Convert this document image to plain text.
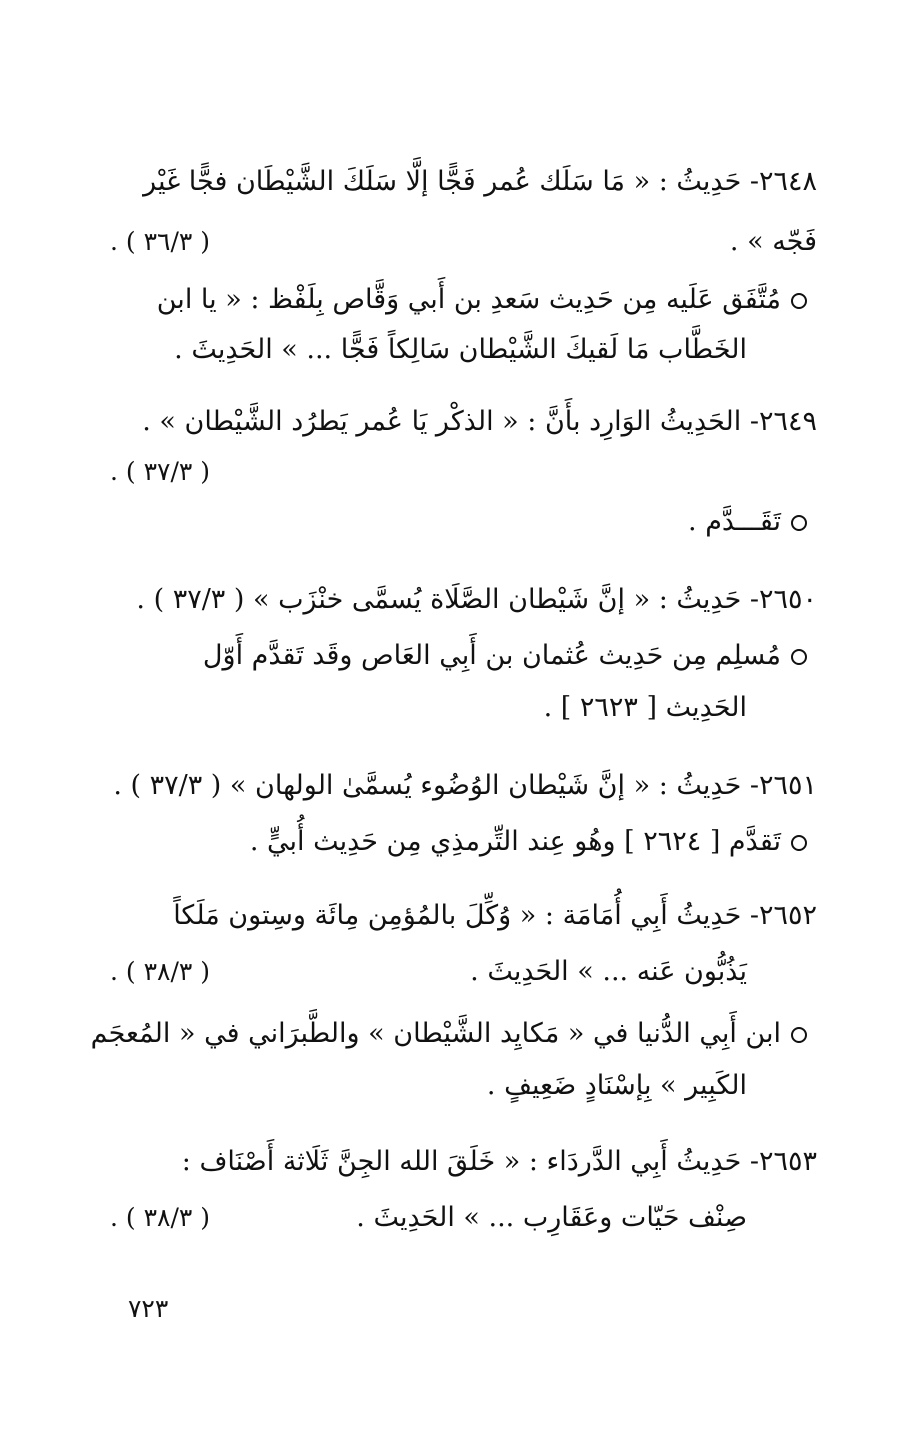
٢٦٤٨- حَدِيثُ : « مَا سَلَك عُمر فَجًّا إلَّا سَلَكَ الشَّيْطَان فجًّا غَيْر
فَجّه » .
( ٣٦/٣ ) .
مُتَّفَق عَلَيه مِن حَدِيث سَعدِ بن أَبي وَقَّاص بِلَفْظ : « يا ابن
الخَطَّاب مَا لَقيكَ الشَّيْطان سَالِكاً فَجًّا ... » الحَدِيثَ .
٢٦٤٩- الحَدِيثُ الوَارِد بأَنَّ : « الذكْر يَا عُمر يَطرُد الشَّيْطان » .
( ٣٧/٣ ) .
تَقَـــدَّم .
٢٦٥٠- حَدِيثُ : « إنَّ شَيْطان الصَّلَاة يُسمَّى خنْزَب » ( ٣٧/٣ ) .
مُسلِم مِن حَدِيث عُثمان بن أَبِي العَاص وقَد تَقدَّم أَوّل
الحَدِيث [ ٢٦٢٣ ] .
٢٦٥١- حَدِيثُ : « إنَّ شَيْطان الوُضُوء يُسمَّىٰ الولهان » ( ٣٧/٣ ) .
تَقدَّم [ ٢٦٢٤ ] وهُو عِند التِّرمذِي مِن حَدِيث أُبيٍّ .
٢٦٥٢- حَدِيثُ أَبِي أُمَامَة : « وُكِّلَ بالمُؤمِن مِائَة وسِتون مَلَكاً
يَذُبُّون عَنه ... » الحَدِيثَ .
( ٣٨/٣ ) .
ابن أَبِي الدُّنيا في « مَكايِد الشَّيْطان » والطَّبرَاني في « المُعجَم
الكَبِير » بِإسْنَادٍ ضَعِيفٍ .
٢٦٥٣- حَدِيثُ أَبِي الدَّردَاء : « خَلَقَ الله الجِنَّ ثَلَاثة أَصْنَاف :
صِنْف حَيّات وعَقَارِب ... » الحَدِيثَ .
( ٣٨/٣ ) .
٧٢٣
